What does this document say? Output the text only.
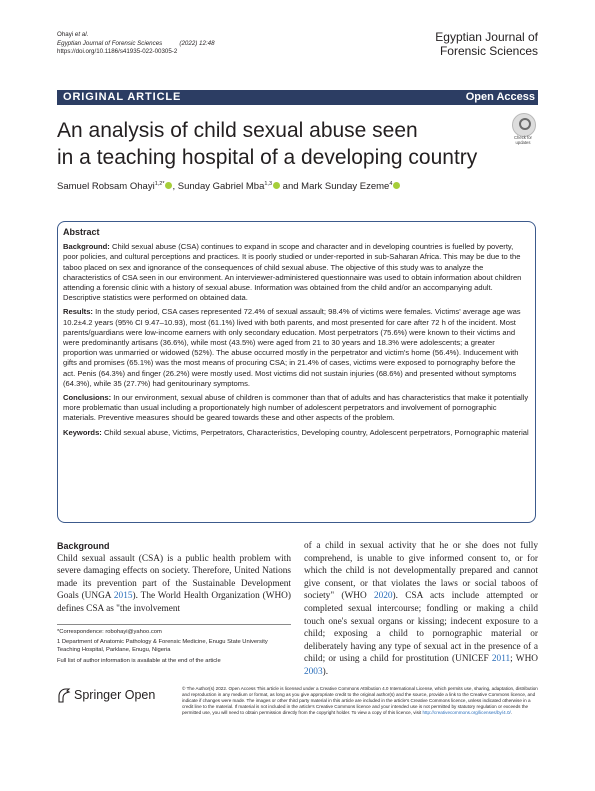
Ohayi et al.
Egyptian Journal of Forensic Sciences          (2022) 12:48
https://doi.org/10.1186/s41935-022-00305-2
Egyptian Journal of
Forensic Sciences
ORIGINAL ARTICLE	Open Access
An analysis of child sexual abuse seen
in a teaching hospital of a developing country
Check for
updates
Samuel Robsam Ohayi$^{1,2*}$ , Sunday Gabriel Mba$^{1,3}$ and Mark Sunday Ezeme$^4$
Abstract

Background: Child sexual abuse (CSA) continues to expand in scope and character and in developing countries is fuelled by poverty, poor policies, and cultural perceptions and practices. It is poorly studied or under-reported in sub-Saharan Africa. This may be due to the taboo placed on sex and ignorance of the consequences of child sexual abuse. The objective of this study was to analyze the characteristics of CSA seen in our environment. An interviewer-administered questionnaire was used to obtain information about children attending a forensic clinic with a history of sexual abuse. Information was obtained from the child and/or an accompanying adult. Descriptive statistics were performed on obtained data.

Results: In the study period, CSA cases represented 72.4% of sexual assault; 98.4% of victims were females. Victims' average age was 10.2±4.2 years (95% CI 9.47–10.93), most (61.1%) lived with both parents, and most presented for care after 72 h of the incident. Most parents/guardians were low-income earners with only secondary education. Most perpetrators (75.6%) were known to their victims and were predominantly artisans (36.6%), while most (43.5%) were aged from 21 to 30 years and 18.3% were adolescents; a greater proportion was unmarried or widowed (52%). The abuse occurred mostly in the perpetrator and victim's home (56.4%). Inducement with gifts and promises (65.1%) was the most means of procuring CSA; in 21.4% of cases, victims were exposed to pornography before the act. Penis (64.3%) and finger (26.2%) were mostly used. Most victims did not sustain injuries (68.6%) and presented without symptoms (64.3%), while 35 (27.7%) had genitourinary symptoms.

Conclusions: In our environment, sexual abuse of children is commoner than that of adults and has characteristics that make it potentially more problematic than usual including a proportionately high number of adolescent perpetrators and involvement of pornographic materials. Preventive measures should be geared towards these and other aspects of the problem.

Keywords: Child sexual abuse, Victims, Perpetrators, Characteristics, Developing country, Adolescent perpetrators, Pornographic material

Background
Child sexual assault (CSA) is a public health problem with severe damaging effects on society. Therefore, United Nations made its prevention part of the Sustainable Development Goals (UNGA 2015). The World Health Organization (WHO) defines CSA as "the involvement
of a child in sexual activity that he or she does not fully comprehend, is unable to give informed consent to, or for which the child is not developmentally prepared and cannot give consent, or that violates the laws or social taboos of society" (WHO 2020). CSA acts include attempted or completed sexual intercourse; fondling or making a child touch one's sexual organs or kissing; indecent exposure to a child; exposing a child to pornographic material or deliberately having any type of sexual act in the presence of a child; or using a child for prostitution (UNICEF 2011; WHO 2003).

*Correspondence: robohayi@yahoo.com

1 Department of Anatomic Pathology & Forensic Medicine, Enugu State University Teaching Hospital, Parklane, Enugu, Nigeria

Full list of author information is available at the end of the article

Springer Open	© The Author(s) 2022. Open Access This article is licensed under a Creative Commons Attribution 4.0 International License, which permits use, sharing, adaptation, distribution and reproduction in any medium or format, as long as you give appropriate credit to the original author(s) and the source, provide a link to the Creative Commons licence, and indicate if changes were made. The images or other third party material in this article are included in the article's Creative Commons licence, unless indicated otherwise in a credit line to the material. If material is not included in the article's Creative Commons licence and your intended use is not permitted by statutory regulation or exceeds the permitted use, you will need to obtain permission directly from the copyright holder. To view a copy of this licence, visit http://creativecommons.org/licenses/by/4.0/.
